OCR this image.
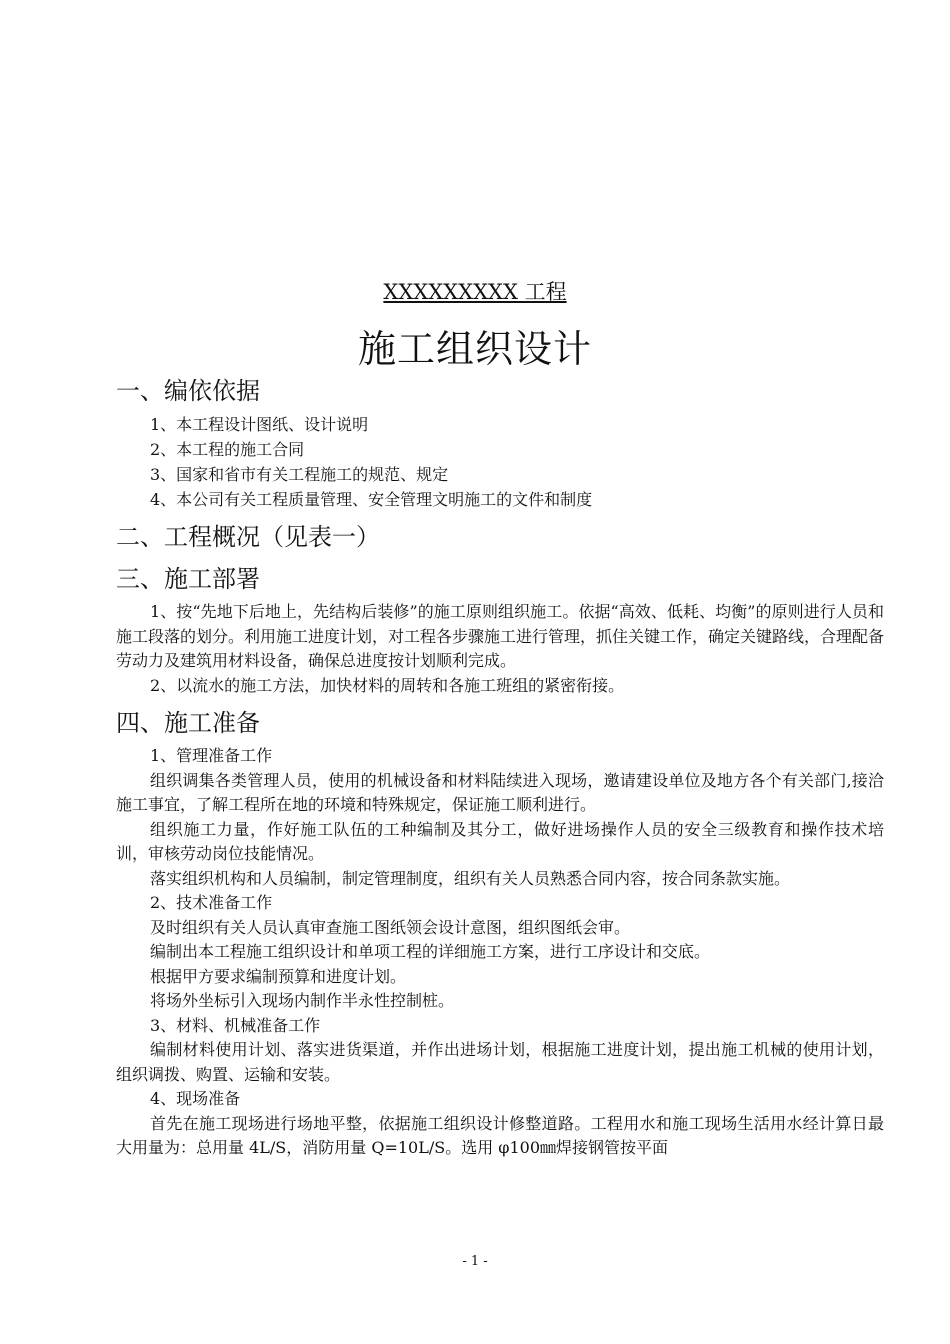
XXXXXXXXX 工程
施工组织设计
一、编依依据
1、本工程设计图纸、设计说明
2、本工程的施工合同
3、国家和省市有关工程施工的规范、规定
4、本公司有关工程质量管理、安全管理文明施工的文件和制度
二、工程概况（见表一）
三、施工部署

1、按“先地下后地上，先结构后装修”的施工原则组织施工。依据“高效、低耗、均衡”的原则进行人员和施工段落的划分。利用施工进度计划，对工程各步骤施工进行管理，抓住关键工作，确定关键路线，合理配备劳动力及建筑用材料设备，确保总进度按计划顺利完成。

2、以流水的施工方法，加快材料的周转和各施工班组的紧密衔接。

四、施工准备
1、管理准备工作

组织调集各类管理人员，使用的机械设备和材料陆续进入现场，邀请建设单位及地方各个有关部门,接洽施工事宜，了解工程所在地的环境和特殊规定，保证施工顺利进行。

组织施工力量，作好施工队伍的工种编制及其分工，做好进场操作人员的安全三级教育和操作技术培训，审核劳动岗位技能情况。

落实组织机构和人员编制，制定管理制度，组织有关人员熟悉合同内容，按合同条款实施。

2、技术准备工作
及时组织有关人员认真审查施工图纸领会设计意图，组织图纸会审。
编制出本工程施工组织设计和单项工程的详细施工方案，进行工序设计和交底。
根据甲方要求编制预算和进度计划。
将场外坐标引入现场内制作半永性控制桩。
3、材料、机械准备工作

编制材料使用计划、落实进货渠道，并作出进场计划，根据施工进度计划，提出施工机械的使用计划，组织调拨、购置、运输和安装。

4、现场准备

首先在施工现场进行场地平整，依据施工组织设计修整道路。工程用水和施工现场生活用水经计算日最大用量为：总用量 4L/S，消防用量 Q=10L/S。选用 φ100㎜焊接钢管按平面

- 1 -
